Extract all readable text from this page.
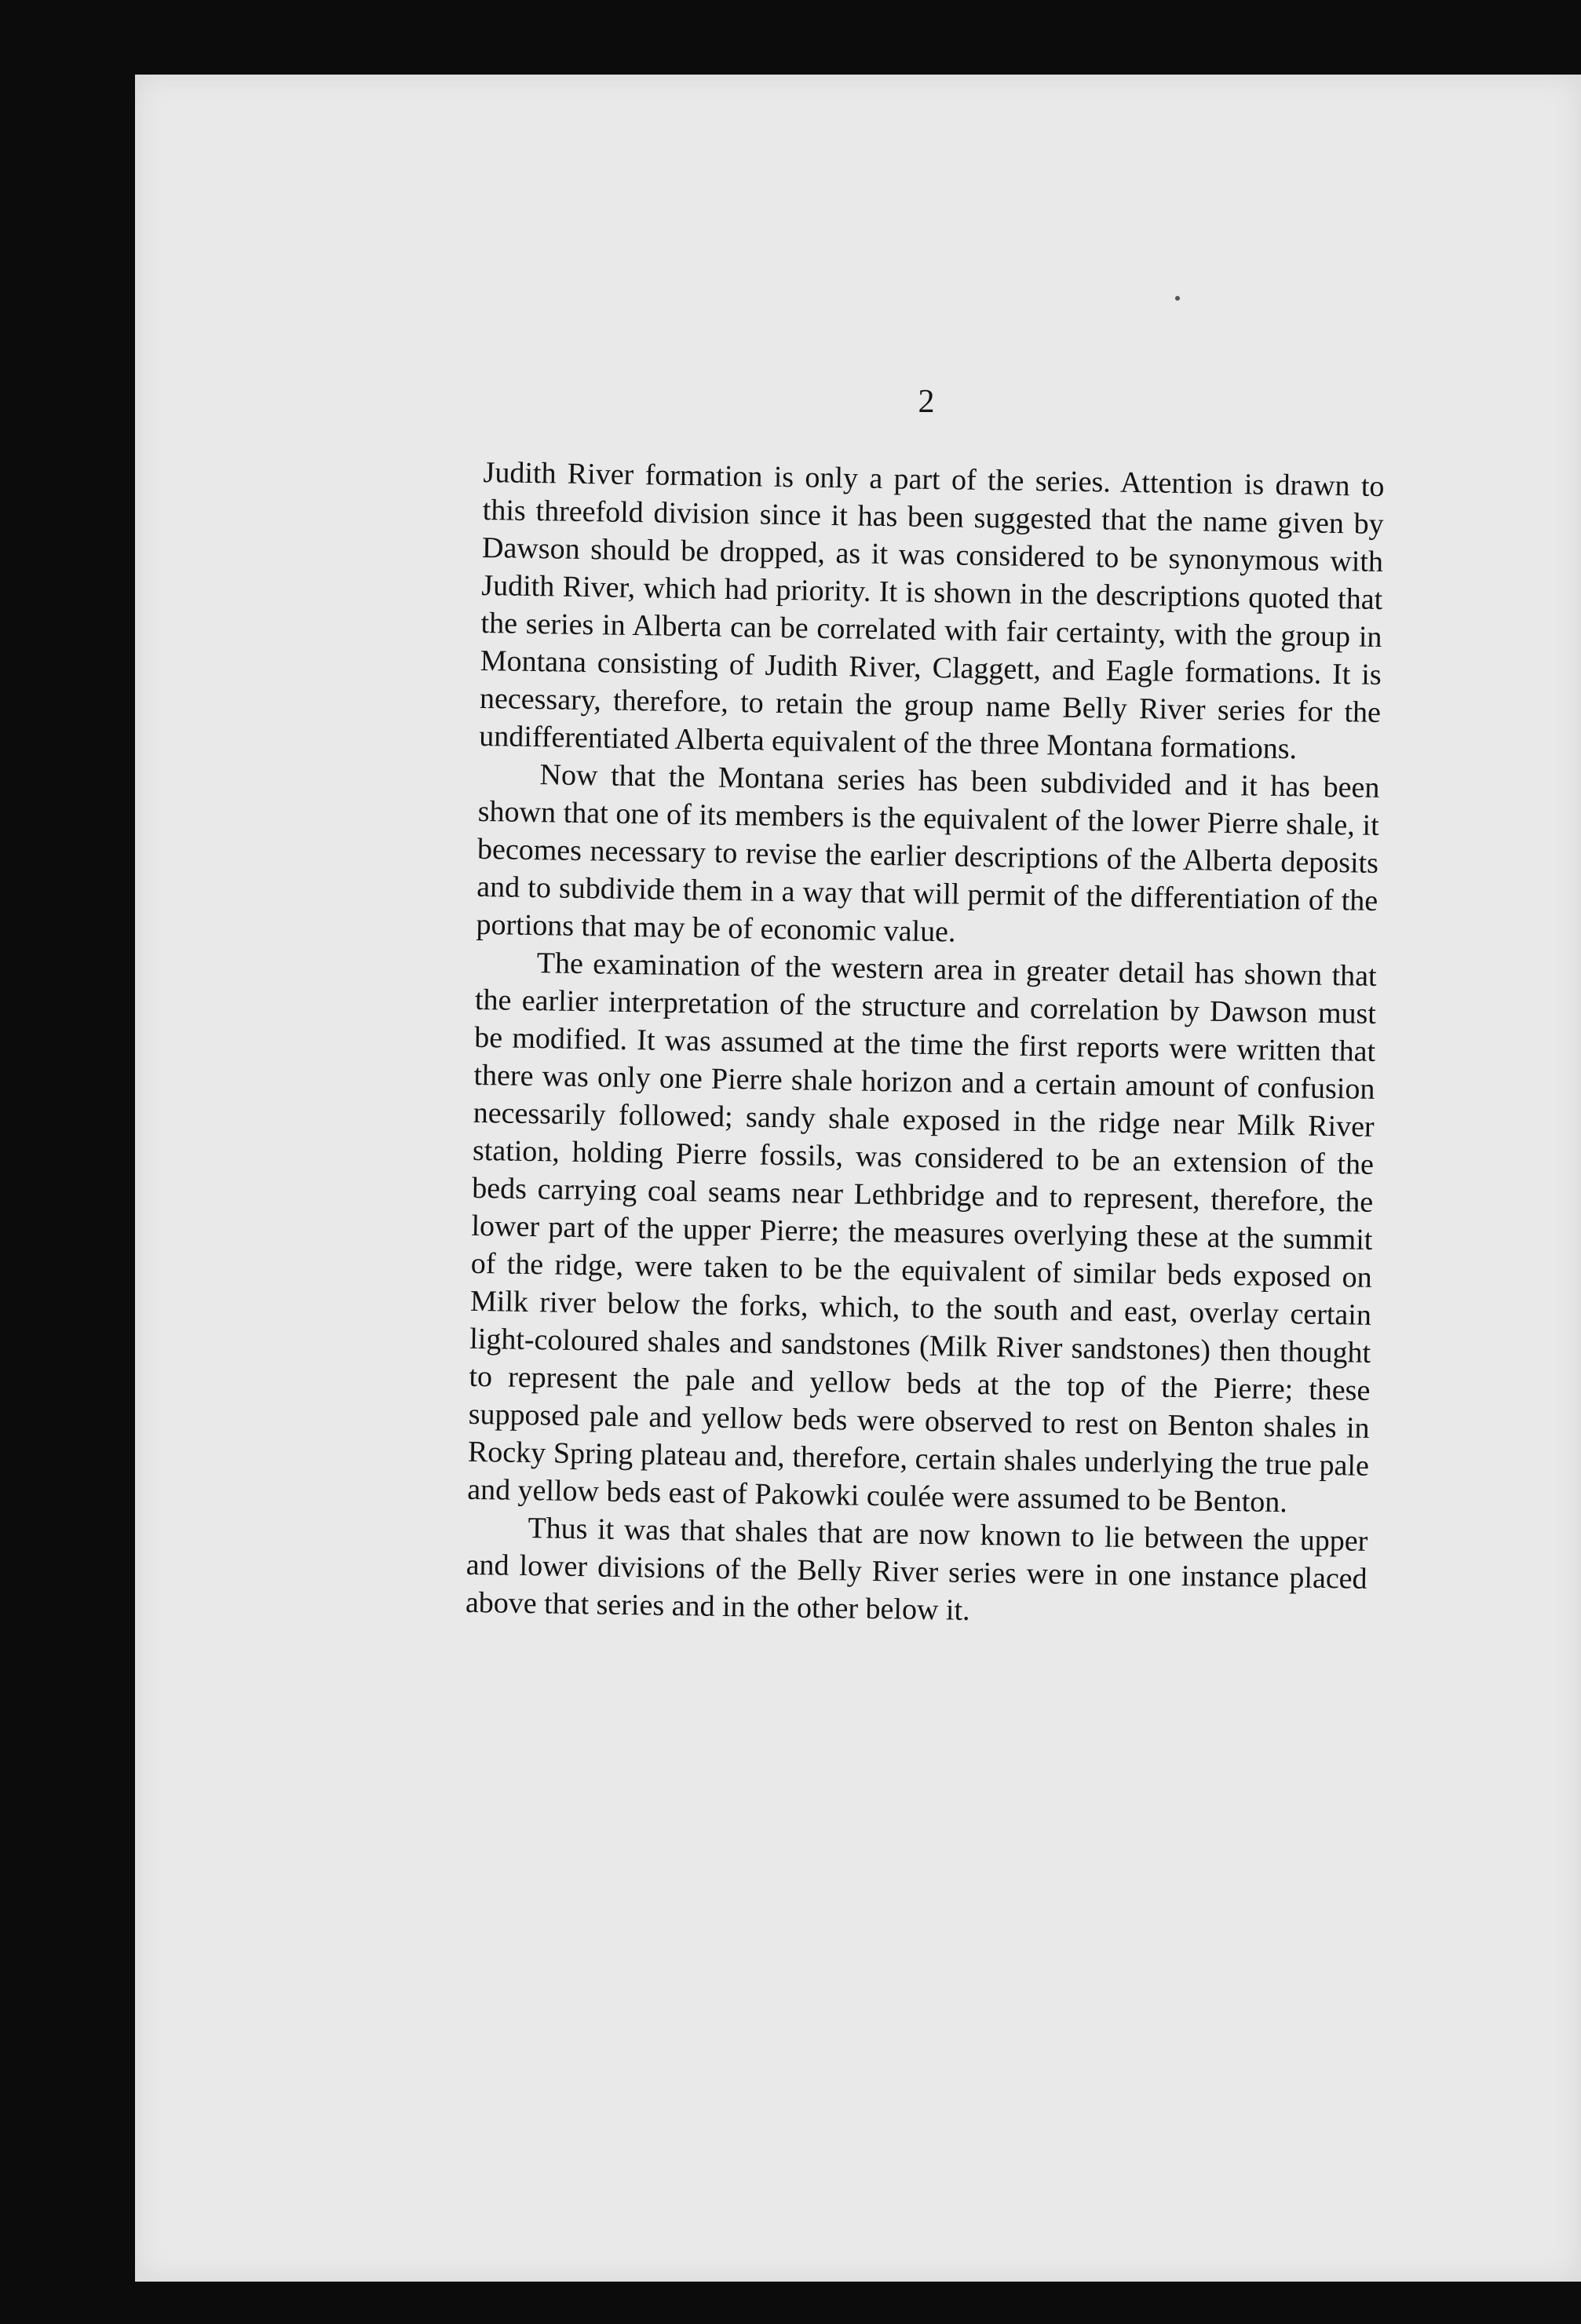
2

Judith River formation is only a part of the series. Attention is drawn to this threefold division since it has been suggested that the name given by Dawson should be dropped, as it was considered to be synonymous with Judith River, which had priority. It is shown in the descriptions quoted that the series in Alberta can be correlated with fair certainty, with the group in Montana consisting of Judith River, Claggett, and Eagle formations. It is necessary, therefore, to retain the group name Belly River series for the undifferentiated Alberta equivalent of the three Montana formations.

Now that the Montana series has been subdivided and it has been shown that one of its members is the equivalent of the lower Pierre shale, it becomes necessary to revise the earlier descriptions of the Alberta deposits and to subdivide them in a way that will permit of the differentiation of the portions that may be of economic value.

The examination of the western area in greater detail has shown that the earlier interpretation of the structure and correlation by Dawson must be modified. It was assumed at the time the first reports were written that there was only one Pierre shale horizon and a certain amount of confusion necessarily followed; sandy shale exposed in the ridge near Milk River station, holding Pierre fossils, was considered to be an extension of the beds carrying coal seams near Lethbridge and to represent, therefore, the lower part of the upper Pierre; the measures overlying these at the summit of the ridge, were taken to be the equivalent of similar beds exposed on Milk river below the forks, which, to the south and east, overlay certain light-coloured shales and sandstones (Milk River sandstones) then thought to represent the pale and yellow beds at the top of the Pierre; these supposed pale and yellow beds were observed to rest on Benton shales in Rocky Spring plateau and, therefore, certain shales underlying the true pale and yellow beds east of Pakowki coulée were assumed to be Benton.

Thus it was that shales that are now known to lie between the upper and lower divisions of the Belly River series were in one instance placed above that series and in the other below it.
